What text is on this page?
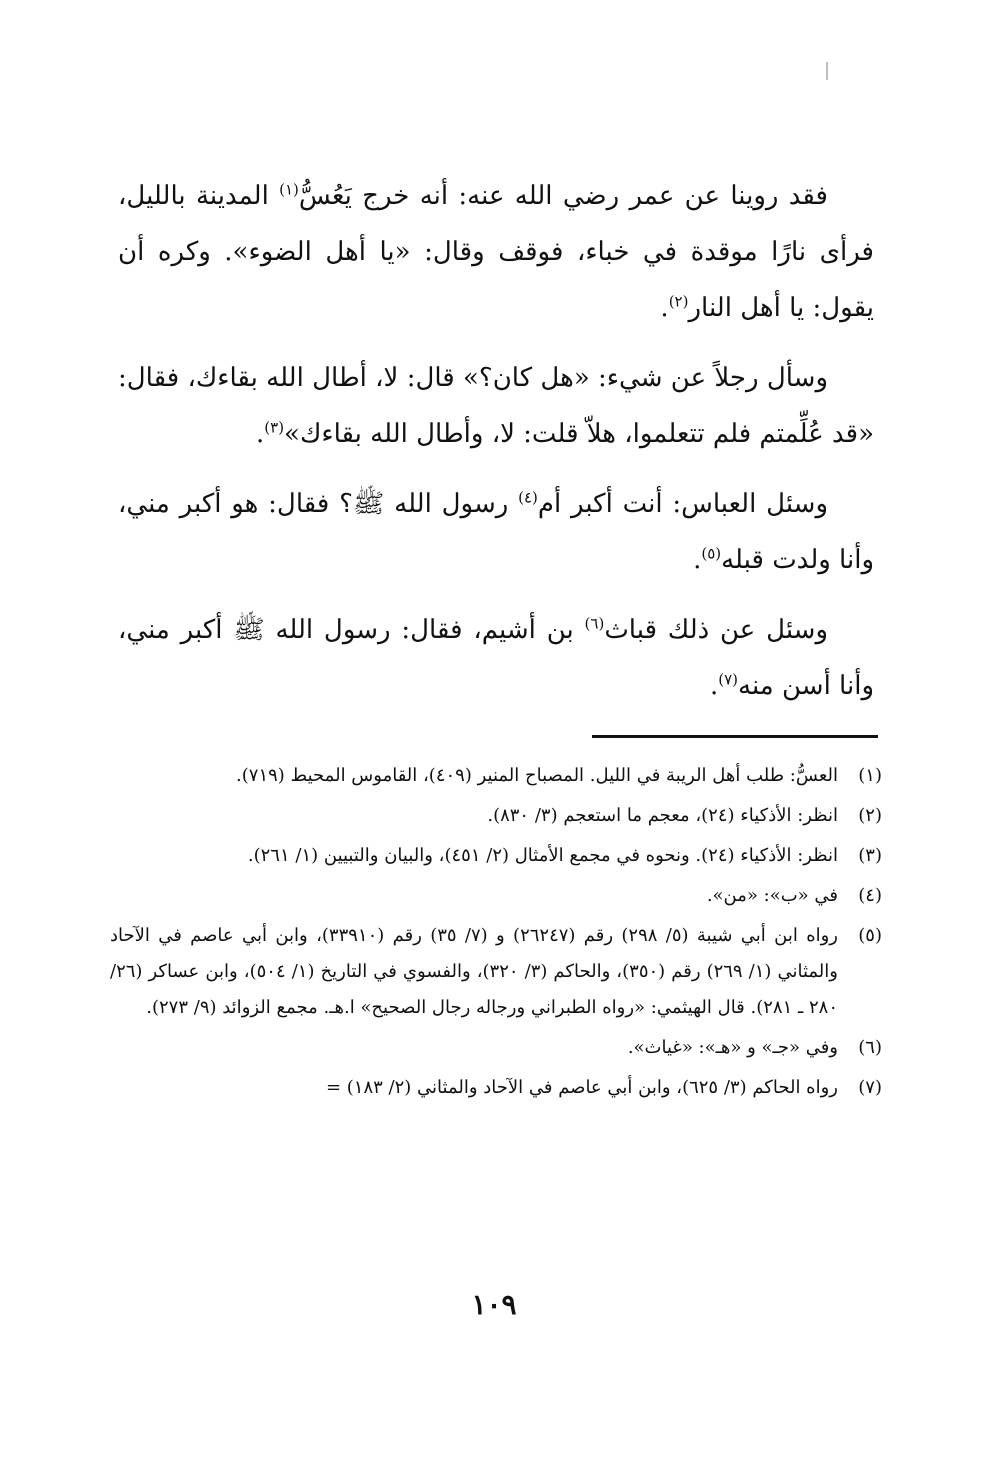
فقد روينا عن عمر رضي الله عنه: أنه خرج يَعُسُّ$^{(١)}$ المدينة بالليل، فرأى نارًا موقدة في خباء، فوقف وقال: «يا أهل الضوء». وكره أن يقول: يا أهل النار$^{(٢)}$.

وسأل رجلاً عن شيء: «هل كان؟» قال: لا، أطال الله بقاءك، فقال: «قد عُلِّمتم فلم تتعلموا، هلاّ قلت: لا، وأطال الله بقاءك»$^{(٣)}$.

وسئل العباس: أنت أكبر أم$^{(٤)}$ رسول الله ﷺ؟ فقال: هو أكبر مني، وأنا ولدت قبله$^{(٥)}$.

وسئل عن ذلك قباث$^{(٦)}$ بن أشيم، فقال: رسول الله ﷺ أكبر مني، وأنا أسن منه$^{(٧)}$.

(١)
العسُّ: طلب أهل الريبة في الليل. المصباح المنير (٤٠٩)، القاموس المحيط (٧١٩).
(٢)
انظر: الأذكياء (٢٤)، معجم ما استعجم (٣/ ٨٣٠).
(٣)
انظر: الأذكياء (٢٤). ونحوه في مجمع الأمثال (٢/ ٤٥١)، والبيان والتبيين (١/ ٢٦١).
(٤)
في «ب»: «من».
(٥)
رواه ابن أبي شيبة (٥/ ٢٩٨) رقم (٢٦٢٤٧) و (٧/ ٣٥) رقم (٣٣٩١٠)، وابن أبي عاصم في الآحاد والمثاني (١/ ٢٦٩) رقم (٣٥٠)، والحاكم (٣/ ٣٢٠)، والفسوي في التاريخ (١/ ٥٠٤)، وابن عساكر (٢٦/ ٢٨٠ ـ ٢٨١). قال الهيثمي: «رواه الطبراني ورجاله رجال الصحيح» ا.هـ. مجمع الزوائد (٩/ ٢٧٣).
(٦)
وفي «جـ» و «هـ»: «غياث».
(٧)
رواه الحاكم (٣/ ٦٢٥)، وابن أبي عاصم في الآحاد والمثاني (٢/ ١٨٣) =
١٠٩
